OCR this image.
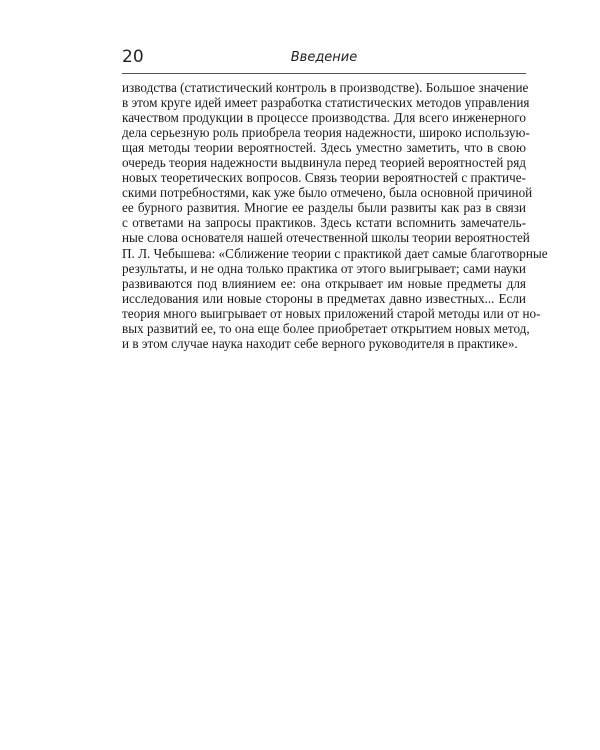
20	Введение
изводства (статистический контроль в производстве). Большое значение
в этом круге идей имеет разработка статистических методов управления
качеством продукции в процессе производства. Для всего инженерного
дела серьезную роль приобрела теория надежности, широко использую-
щая методы теории вероятностей. Здесь уместно заметить, что в свою
очередь теория надежности выдвинула перед теорией вероятностей ряд
новых теоретических вопросов. Связь теории вероятностей с практиче-
скими потребностями, как уже было отмечено, была основной причиной
ее бурного развития. Многие ее разделы были развиты как раз в связи
с ответами на запросы практиков. Здесь кстати вспомнить замечатель-
ные слова основателя нашей отечественной школы теории вероятностей
П. Л. Чебышева: «Сближение теории с практикой дает самые благотворные
результаты, и не одна только практика от этого выигрывает; сами науки
развиваются под влиянием ее: она открывает им новые предметы для
исследования или новые стороны в предметах давно известных... Если
теория много выигрывает от новых приложений старой методы или от но-
вых развитий ее, то она еще более приобретает открытием новых метод,
и в этом случае наука находит себе верного руководителя в практике».
